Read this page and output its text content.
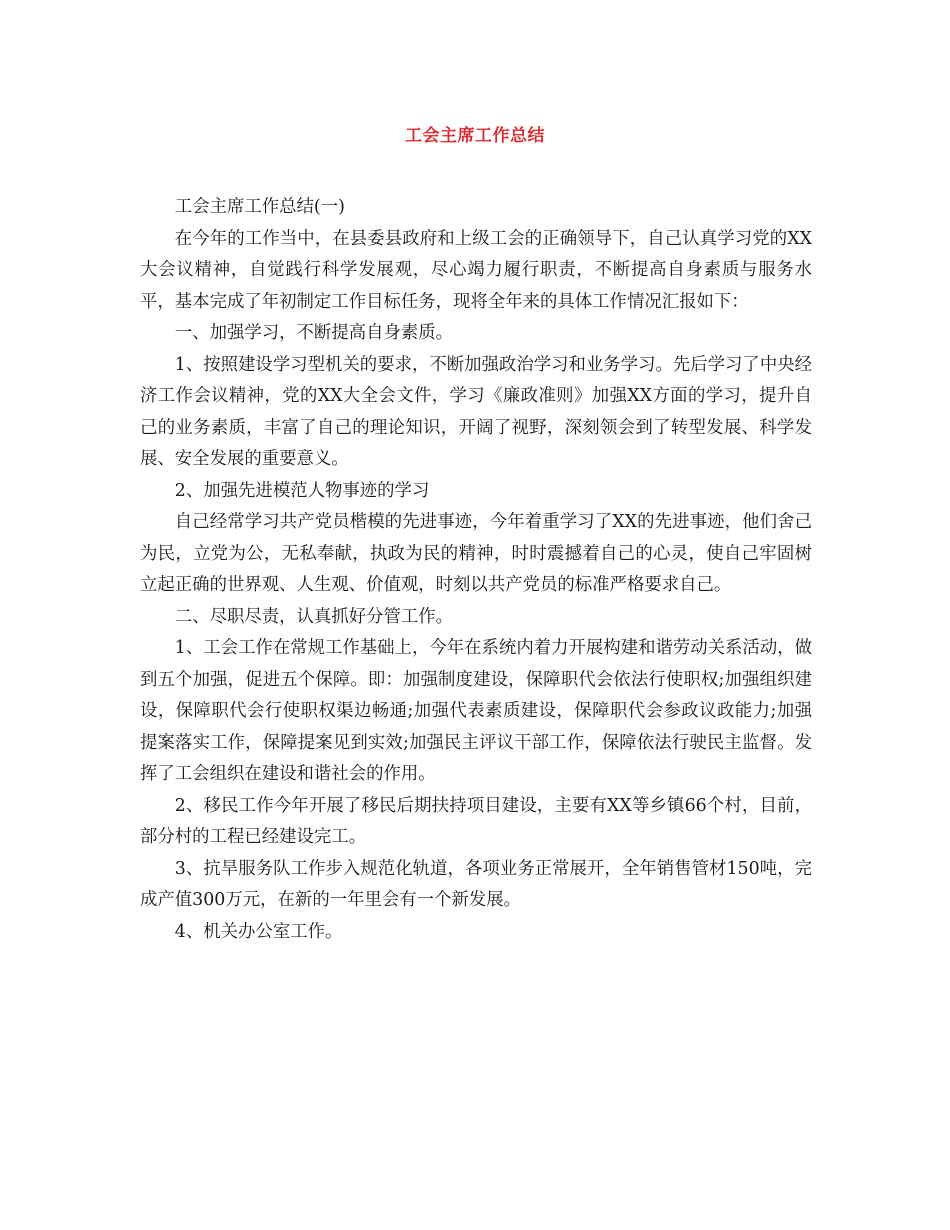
工会主席工作总结

工会主席工作总结(一)

在今年的工作当中，在县委县政府和上级工会的正确领导下，自己认真学习党的XX大会议精神，自觉践行科学发展观，尽心竭力履行职责，不断提高自身素质与服务水平，基本完成了年初制定工作目标任务，现将全年来的具体工作情况汇报如下：

一、加强学习，不断提高自身素质。

1、按照建设学习型机关的要求，不断加强政治学习和业务学习。先后学习了中央经济工作会议精神，党的XX大全会文件，学习《廉政准则》加强XX方面的学习，提升自己的业务素质，丰富了自己的理论知识，开阔了视野，深刻领会到了转型发展、科学发展、安全发展的重要意义。

2、加强先进模范人物事迹的学习

自己经常学习共产党员楷模的先进事迹，今年着重学习了XX的先进事迹，他们舍己为民，立党为公，无私奉献，执政为民的精神，时时震撼着自己的心灵，使自己牢固树立起正确的世界观、人生观、价值观，时刻以共产党员的标准严格要求自己。

二、尽职尽责，认真抓好分管工作。

1、工会工作在常规工作基础上，今年在系统内着力开展构建和谐劳动关系活动，做到五个加强，促进五个保障。即：加强制度建设，保障职代会依法行使职权;加强组织建设，保障职代会行使职权渠边畅通;加强代表素质建设，保障职代会参政议政能力;加强提案落实工作，保障提案见到实效;加强民主评议干部工作，保障依法行驶民主监督。发挥了工会组织在建设和谐社会的作用。

2、移民工作今年开展了移民后期扶持项目建设，主要有XX等乡镇66个村，目前，部分村的工程已经建设完工。

3、抗旱服务队工作步入规范化轨道，各项业务正常展开，全年销售管材150吨，完成产值300万元，在新的一年里会有一个新发展。

4、机关办公室工作。
